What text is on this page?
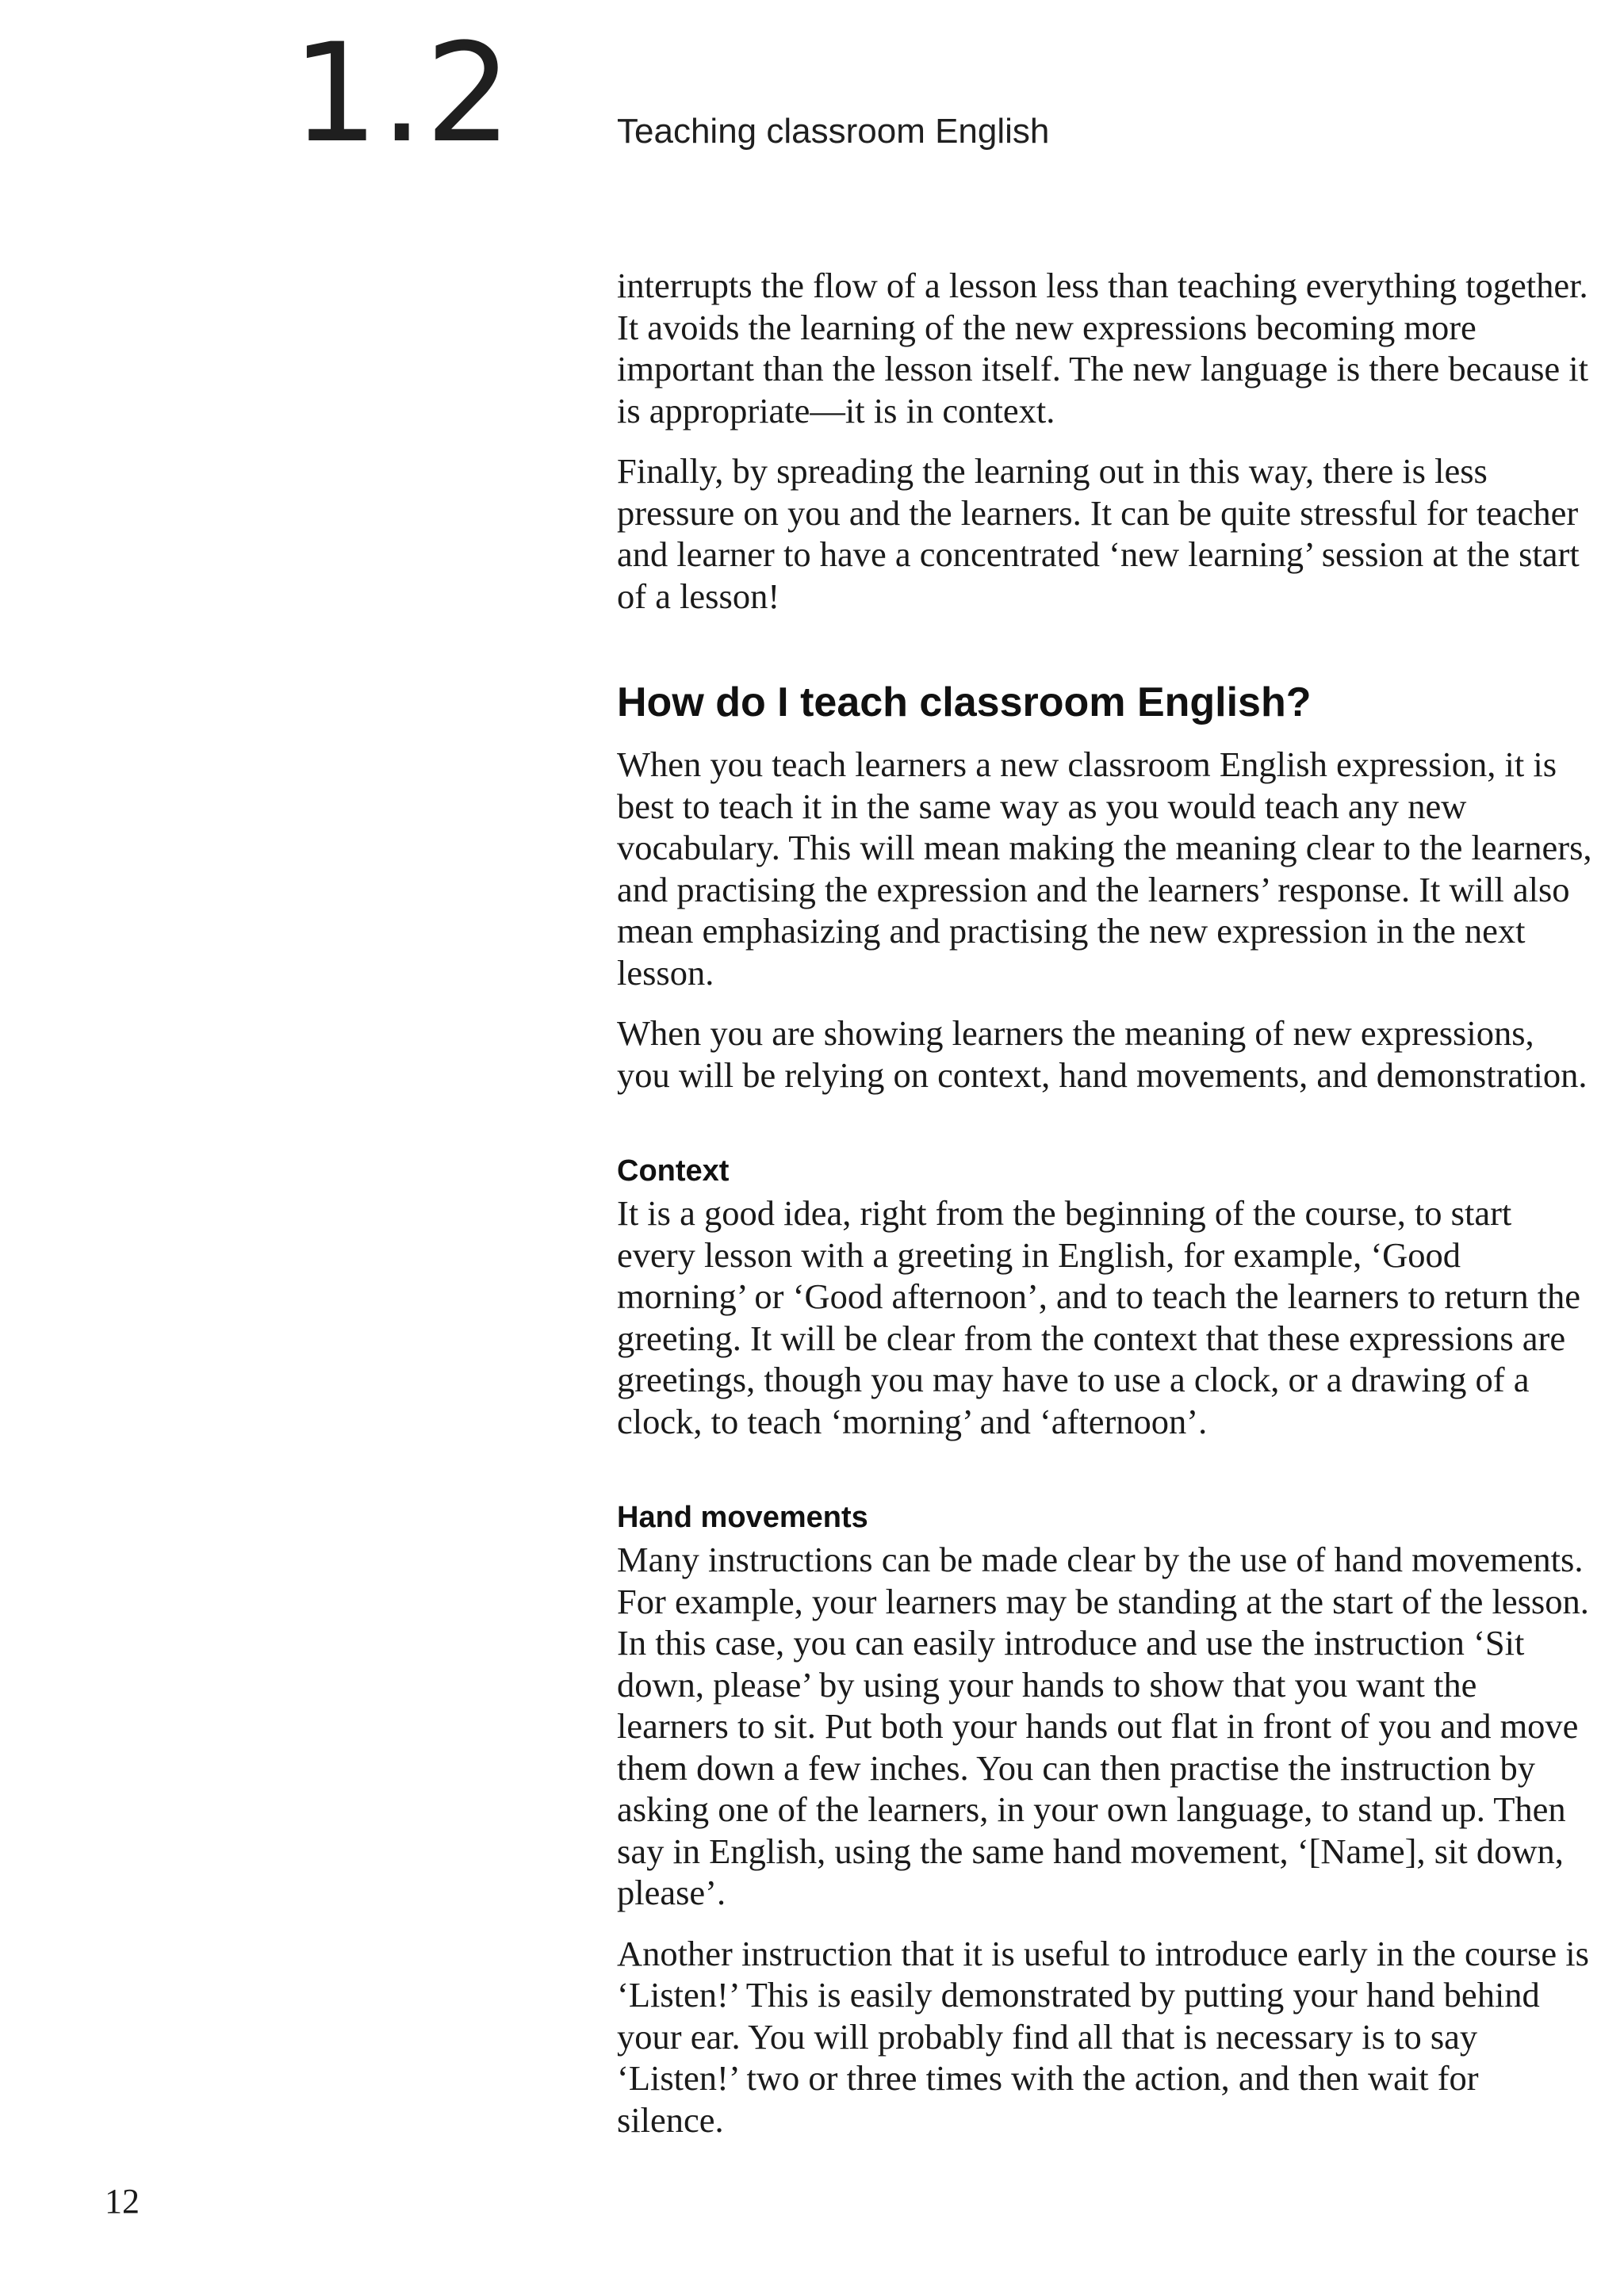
1.2	Teaching classroom English

interrupts the flow of a lesson less than teaching everything together. It avoids the learning of the new expressions becoming more important than the lesson itself. The new language is there because it is appropriate—it is in context.

Finally, by spreading the learning out in this way, there is less pressure on you and the learners. It can be quite stressful for teacher and learner to have a concentrated ‘new learning’ session at the start of a lesson!

How do I teach classroom English?

When you teach learners a new classroom English expression, it is best to teach it in the same way as you would teach any new vocabulary. This will mean making the meaning clear to the learners, and practising the expression and the learners’ response. It will also mean emphasizing and practising the new expression in the next lesson.

When you are showing learners the meaning of new expressions, you will be relying on context, hand movements, and demonstration.

Context

It is a good idea, right from the beginning of the course, to start every lesson with a greeting in English, for example, ‘Good morning’ or ‘Good afternoon’, and to teach the learners to return the greeting. It will be clear from the context that these expressions are greetings, though you may have to use a clock, or a drawing of a clock, to teach ‘morning’ and ‘afternoon’.

Hand movements

Many instructions can be made clear by the use of hand movements. For example, your learners may be standing at the start of the lesson. In this case, you can easily introduce and use the instruction ‘Sit down, please’ by using your hands to show that you want the learners to sit. Put both your hands out flat in front of you and move them down a few inches. You can then practise the instruction by asking one of the learners, in your own language, to stand up. Then say in English, using the same hand movement, ‘[Name], sit down, please’.

Another instruction that it is useful to introduce early in the course is ‘Listen!’ This is easily demonstrated by putting your hand behind your ear. You will probably find all that is necessary is to say ‘Listen!’ two or three times with the action, and then wait for silence.

12
